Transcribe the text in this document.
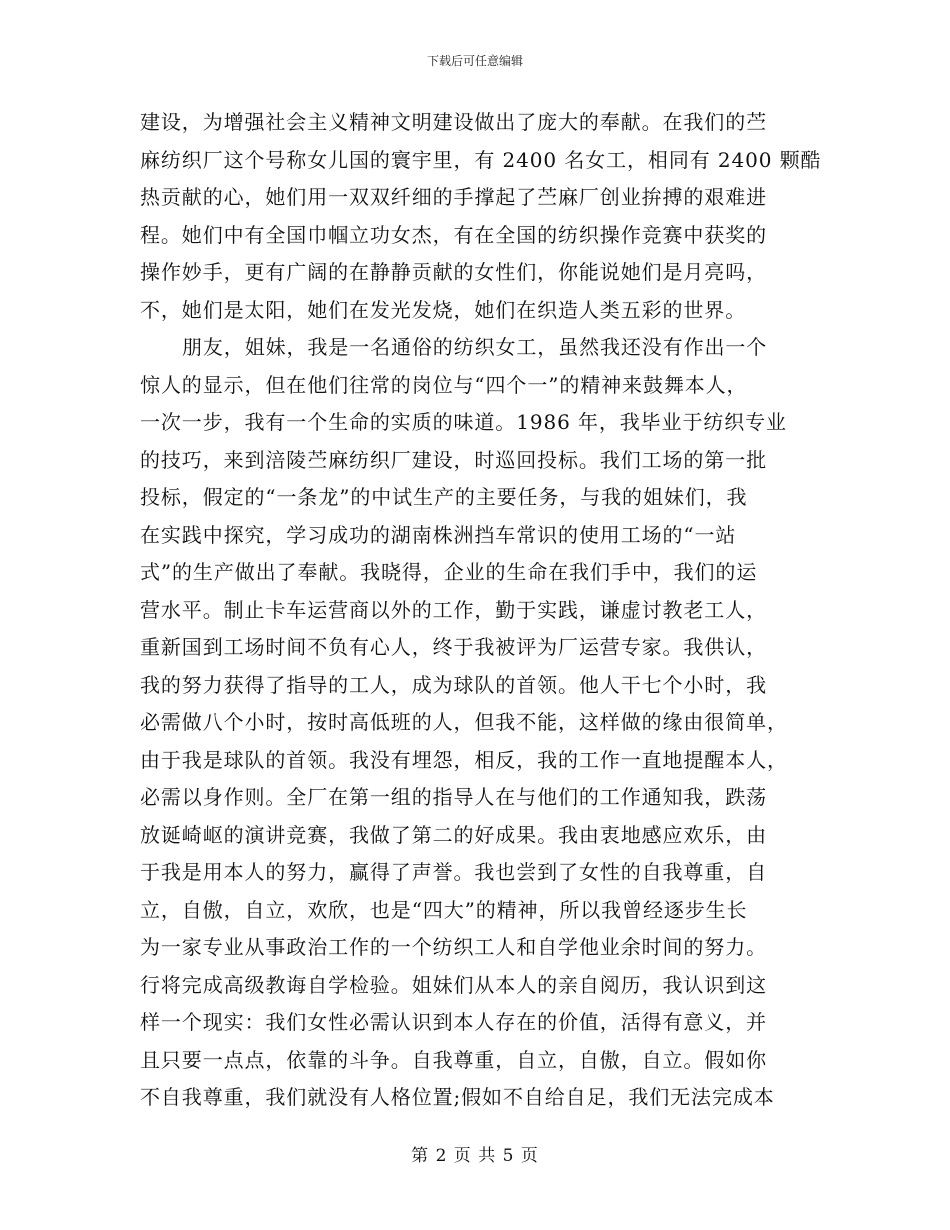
下载后可任意编辑
建设，为增强社会主义精神文明建设做出了庞大的奉献。在我们的苎
麻纺织厂这个号称女儿国的寰宇里，有 2400 名女工，相同有 2400 颗酷
热贡献的心，她们用一双双纤细的手撑起了苎麻厂创业拚搏的艰难进
程。她们中有全国巾帼立功女杰，有在全国的纺织操作竞赛中获奖的
操作妙手，更有广阔的在静静贡献的女性们，你能说她们是月亮吗，
不，她们是太阳，她们在发光发烧，她们在织造人类五彩的世界。
朋友，姐妹，我是一名通俗的纺织女工，虽然我还没有作出一个
惊人的显示，但在他们往常的岗位与“四个一”的精神来鼓舞本人，
一次一步，我有一个生命的实质的味道。1986 年，我毕业于纺织专业
的技巧，来到涪陵苎麻纺织厂建设，时巡回投标。我们工场的第一批
投标，假定的“一条龙”的中试生产的主要任务，与我的姐妹们，我
在实践中探究，学习成功的湖南株洲挡车常识的使用工场的“一站
式”的生产做出了奉献。我晓得，企业的生命在我们手中，我们的运
营水平。制止卡车运营商以外的工作，勤于实践，谦虚讨教老工人，
重新国到工场时间不负有心人，终于我被评为厂运营专家。我供认，
我的努力获得了指导的工人，成为球队的首领。他人干七个小时，我
必需做八个小时，按时高低班的人，但我不能，这样做的缘由很简单，
由于我是球队的首领。我没有埋怨，相反，我的工作一直地提醒本人，
必需以身作则。全厂在第一组的指导人在与他们的工作通知我，跌荡
放诞崎岖的演讲竞赛，我做了第二的好成果。我由衷地感应欢乐，由
于我是用本人的努力，赢得了声誉。我也尝到了女性的自我尊重，自
立，自傲，自立，欢欣，也是“四大”的精神，所以我曾经逐步生长
为一家专业从事政治工作的一个纺织工人和自学他业余时间的努力。
行将完成高级教诲自学检验。姐妹们从本人的亲自阅历，我认识到这
样一个现实：我们女性必需认识到本人存在的价值，活得有意义，并
且只要一点点，依靠的斗争。自我尊重，自立，自傲，自立。假如你
不自我尊重，我们就没有人格位置;假如不自给自足，我们无法完成本
第 2 页 共 5 页
